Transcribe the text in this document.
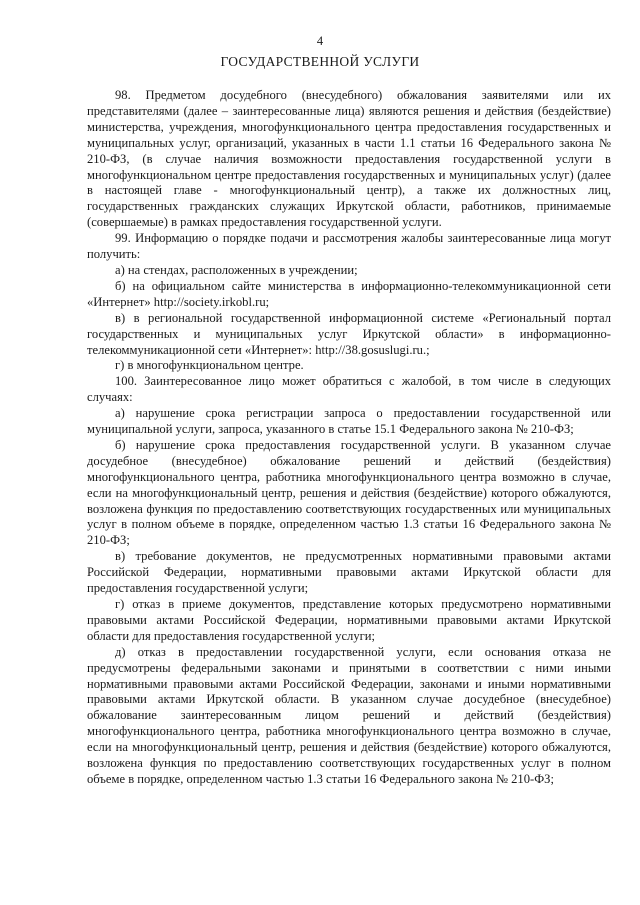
4
ГОСУДАРСТВЕННОЙ УСЛУГИ

98. Предметом досудебного (внесудебного) обжалования заявителями или их представителями (далее – заинтересованные лица) являются решения и действия (бездействие) министерства, учреждения, многофункционального центра предоставления государственных и муниципальных услуг, организаций, указанных в части 1.1 статьи 16 Федерального закона № 210-ФЗ, (в случае наличия возможности предоставления государственной услуги в многофункциональном центре предоставления государственных и муниципальных услуг) (далее в настоящей главе - многофункциональный центр), а также их должностных лиц, государственных гражданских служащих Иркутской области, работников, принимаемые (совершаемые) в рамках предоставления государственной услуги.

99. Информацию о порядке подачи и рассмотрения жалобы заинтересованные лица могут получить:

а) на стендах, расположенных в учреждении;

б) на официальном сайте министерства в информационно-телекоммуникационной сети «Интернет» http://society.irkobl.ru;

в) в региональной государственной информационной системе «Региональный портал государственных и муниципальных услуг Иркутской области» в информационно-телекоммуникационной сети «Интернет»: http://38.gosuslugi.ru.;

г) в многофункциональном центре.

100. Заинтересованное лицо может обратиться с жалобой, в том числе в следующих случаях:

а) нарушение срока регистрации запроса о предоставлении государственной или муниципальной услуги, запроса, указанного в статье 15.1 Федерального закона № 210-ФЗ;

б) нарушение срока предоставления государственной услуги. В указанном случае досудебное (внесудебное) обжалование решений и действий (бездействия) многофункционального центра, работника многофункционального центра возможно в случае, если на многофункциональный центр, решения и действия (бездействие) которого обжалуются, возложена функция по предоставлению соответствующих государственных или муниципальных услуг в полном объеме в порядке, определенном частью 1.3 статьи 16 Федерального закона № 210-ФЗ;

в) требование документов, не предусмотренных нормативными правовыми актами Российской Федерации, нормативными правовыми актами Иркутской области для предоставления государственной услуги;

г) отказ в приеме документов, представление которых предусмотрено нормативными правовыми актами Российской Федерации, нормативными правовыми актами Иркутской области для предоставления государственной услуги;

д) отказ в предоставлении государственной услуги, если основания отказа не предусмотрены федеральными законами и принятыми в соответствии с ними иными нормативными правовыми актами Российской Федерации, законами и иными нормативными правовыми актами Иркутской области. В указанном случае досудебное (внесудебное) обжалование заинтересованным лицом решений и действий (бездействия) многофункционального центра, работника многофункционального центра возможно в случае, если на многофункциональный центр, решения и действия (бездействие) которого обжалуются, возложена функция по предоставлению соответствующих государственных услуг в полном объеме в порядке, определенном частью 1.3 статьи 16 Федерального закона № 210-ФЗ;
